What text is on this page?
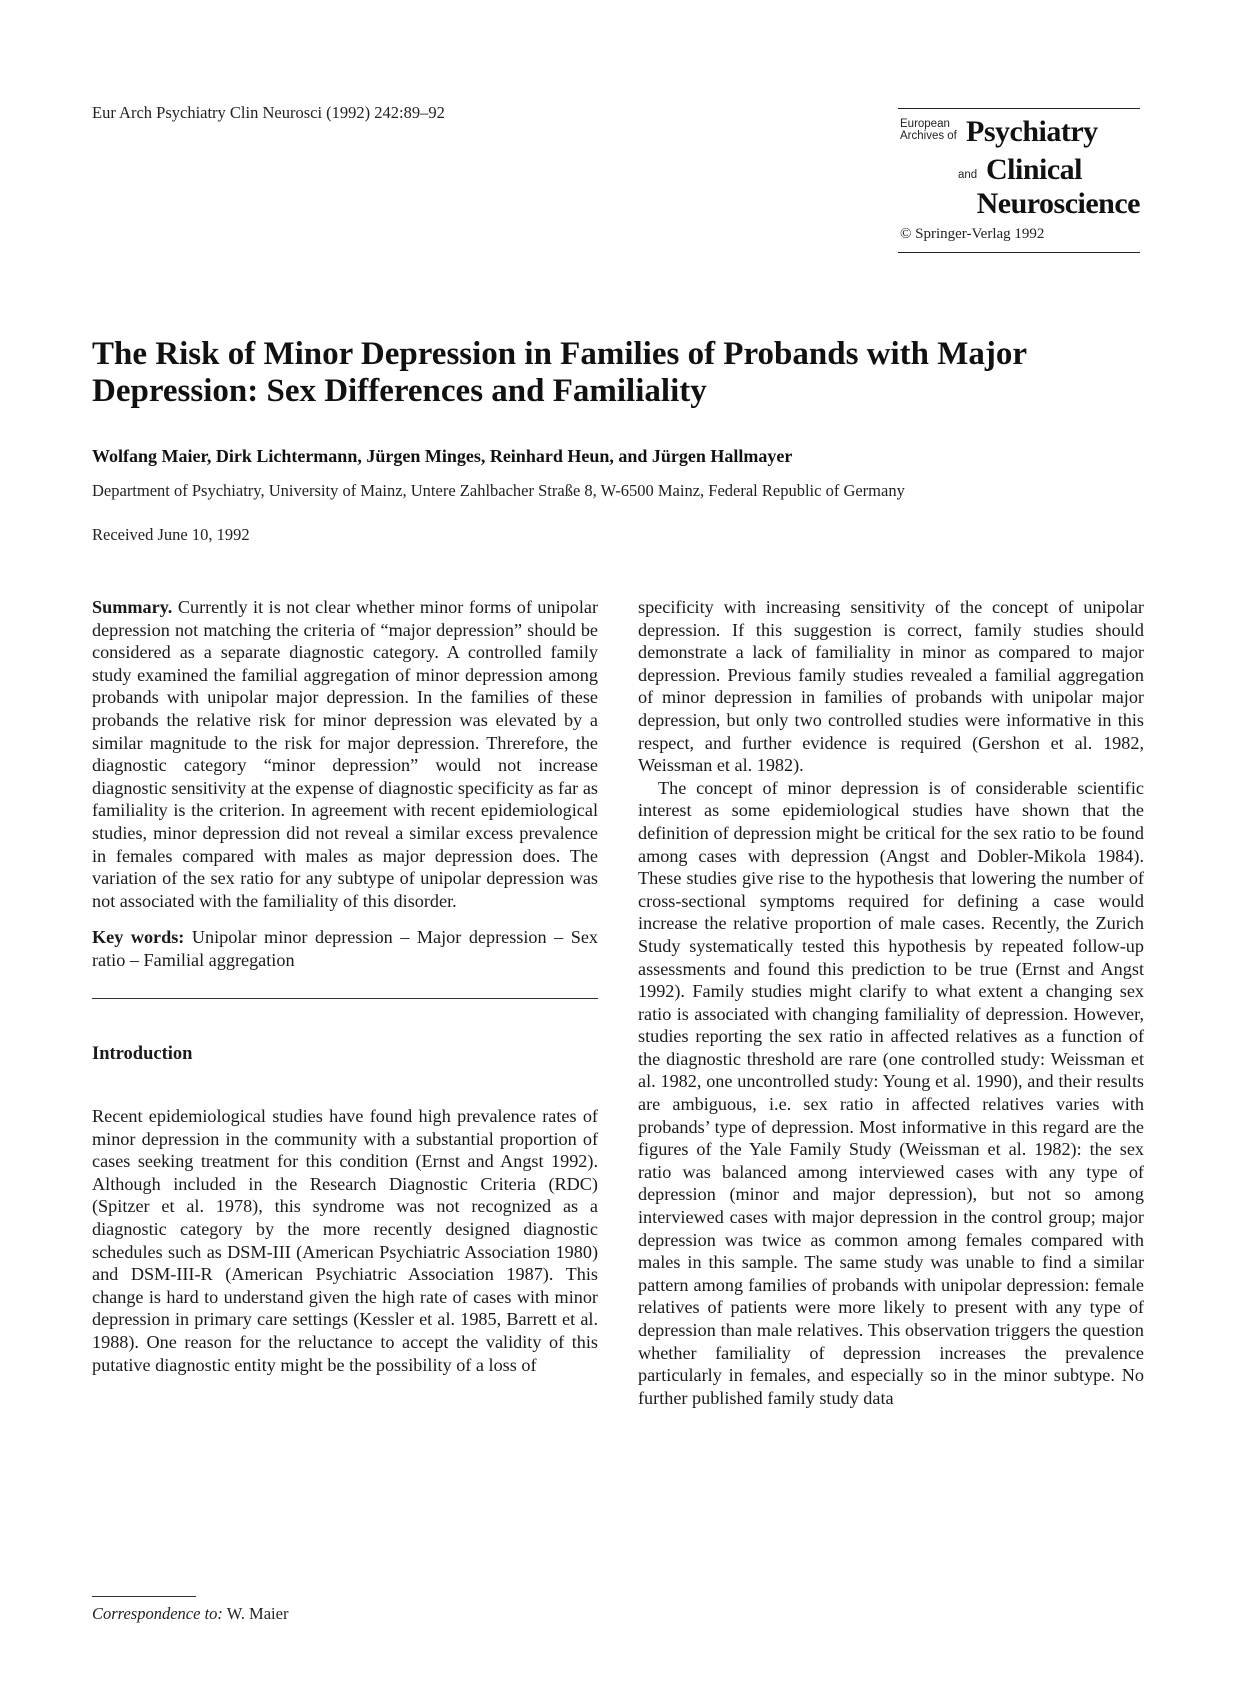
Eur Arch Psychiatry Clin Neurosci (1992) 242:89–92
European
Archives of Psychiatry
and Clinical
Neuroscience
© Springer-Verlag 1992
The Risk of Minor Depression in Families of Probands with Major Depression: Sex Differences and Familiality
Wolfang Maier, Dirk Lichtermann, Jürgen Minges, Reinhard Heun, and Jürgen Hallmayer
Department of Psychiatry, University of Mainz, Untere Zahlbacher Straße 8, W-6500 Mainz, Federal Republic of Germany
Received June 10, 1992

Summary. Currently it is not clear whether minor forms of unipolar depression not matching the criteria of “major depression” should be considered as a separate diagnostic category. A controlled family study examined the familial aggregation of minor depression among probands with unipolar major depression. In the families of these probands the relative risk for minor depression was elevated by a similar magnitude to the risk for major depression. Threrefore, the diagnostic category “minor depression” would not increase diagnostic sensitivity at the expense of diagnostic specificity as far as familiality is the criterion. In agreement with recent epidemiological studies, minor depression did not reveal a similar excess prevalence in females compared with males as major depression does. The variation of the sex ratio for any subtype of unipolar depression was not associated with the familiality of this disorder.

Key words: Unipolar minor depression – Major depression – Sex ratio – Familial aggregation

Introduction

Recent epidemiological studies have found high prevalence rates of minor depression in the community with a substantial proportion of cases seeking treatment for this condition (Ernst and Angst 1992). Although included in the Research Diagnostic Criteria (RDC) (Spitzer et al. 1978), this syndrome was not recognized as a diagnostic category by the more recently designed diagnostic schedules such as DSM-III (American Psychiatric Association 1980) and DSM-III-R (American Psychiatric Association 1987). This change is hard to understand given the high rate of cases with minor depression in primary care settings (Kessler et al. 1985, Barrett et al. 1988). One reason for the reluctance to accept the validity of this putative diagnostic entity might be the possibility of a loss of

specificity with increasing sensitivity of the concept of unipolar depression. If this suggestion is correct, family studies should demonstrate a lack of familiality in minor as compared to major depression. Previous family studies revealed a familial aggregation of minor depression in families of probands with unipolar major depression, but only two controlled studies were informative in this respect, and further evidence is required (Gershon et al. 1982, Weissman et al. 1982).

The concept of minor depression is of considerable scientific interest as some epidemiological studies have shown that the definition of depression might be critical for the sex ratio to be found among cases with depression (Angst and Dobler-Mikola 1984). These studies give rise to the hypothesis that lowering the number of cross-sectional symptoms required for defining a case would increase the relative proportion of male cases. Recently, the Zurich Study systematically tested this hypothesis by repeated follow-up assessments and found this prediction to be true (Ernst and Angst 1992). Family studies might clarify to what extent a changing sex ratio is associated with changing familiality of depression. However, studies reporting the sex ratio in affected relatives as a function of the diagnostic threshold are rare (one controlled study: Weissman et al. 1982, one uncontrolled study: Young et al. 1990), and their results are ambiguous, i.e. sex ratio in affected relatives varies with probands’ type of depression. Most informative in this regard are the figures of the Yale Family Study (Weissman et al. 1982): the sex ratio was balanced among interviewed cases with any type of depression (minor and major depression), but not so among interviewed cases with major depression in the control group; major depression was twice as common among females compared with males in this sample. The same study was unable to find a similar pattern among families of probands with unipolar depression: female relatives of patients were more likely to present with any type of depression than male relatives. This observation triggers the question whether familiality of depression increases the prevalence particularly in females, and especially so in the minor subtype. No further published family study data

Correspondence to: W. Maier
